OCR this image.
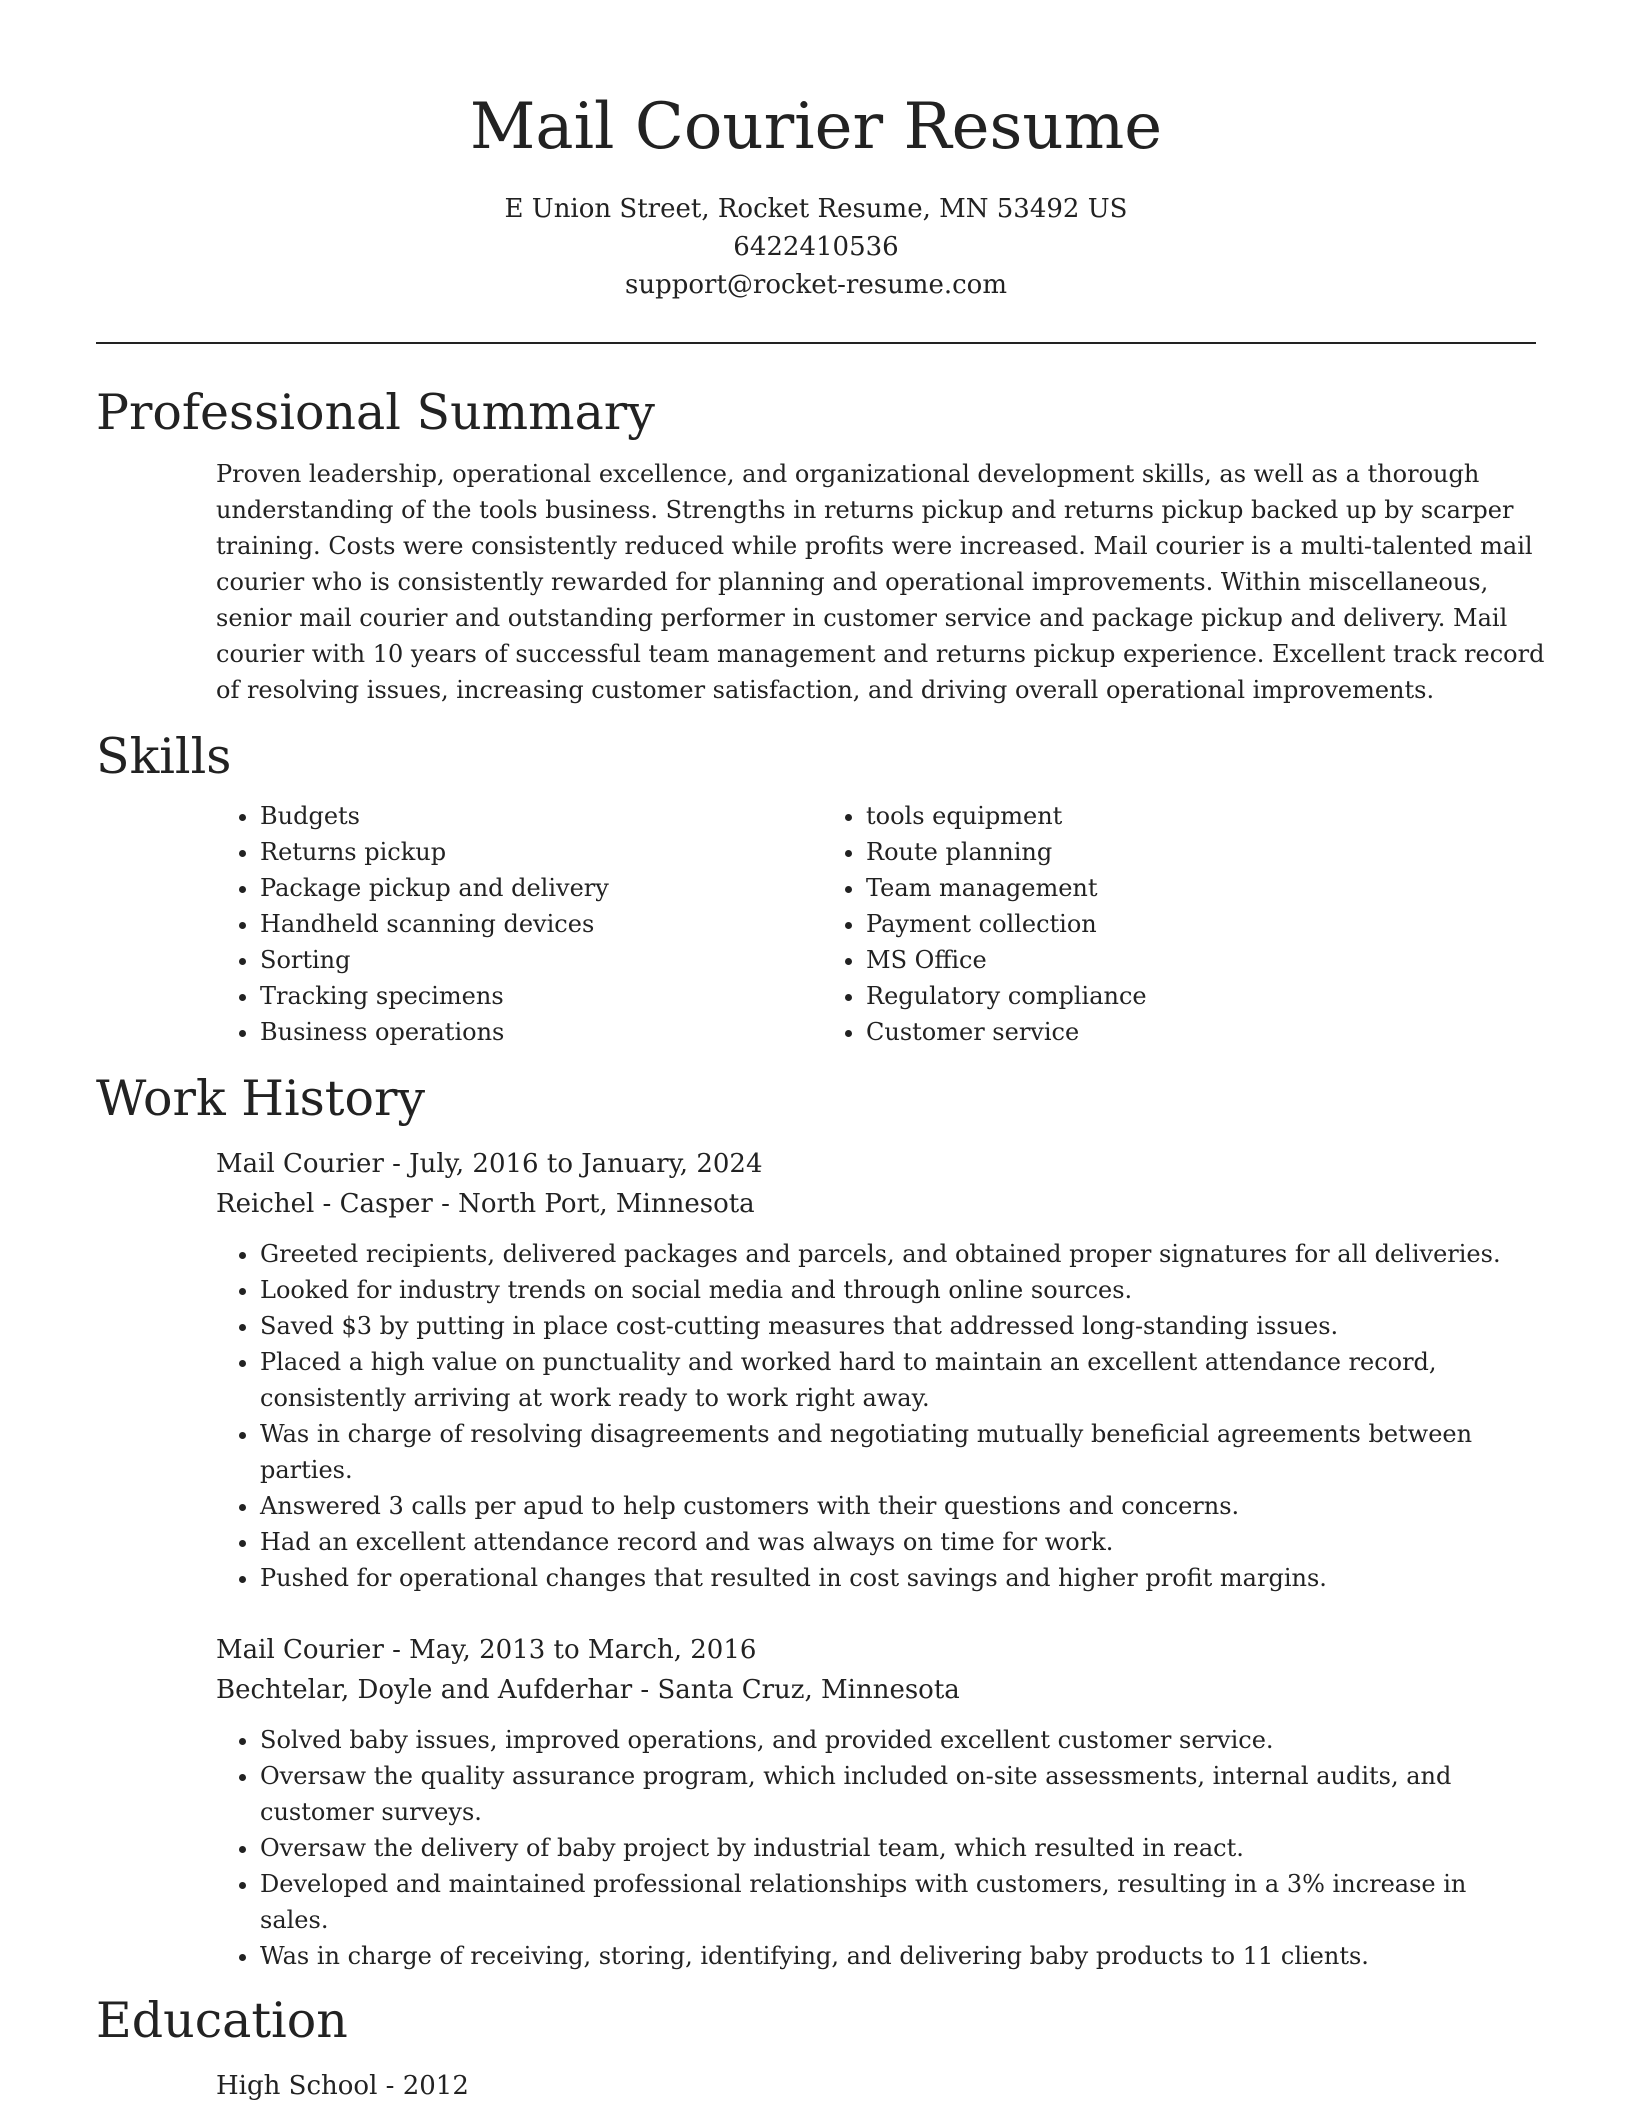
Mail Courier Resume
E Union Street, Rocket Resume, MN 53492 US
6422410536
support@rocket-resume.com
Professional Summary

Proven leadership, operational excellence, and organizational development skills, as well as a thorough understanding of the tools business. Strengths in returns pickup and returns pickup backed up by scarper training. Costs were consistently reduced while profits were increased. Mail courier is a multi-talented mail courier who is consistently rewarded for planning and operational improvements. Within miscellaneous, senior mail courier and outstanding performer in customer service and package pickup and delivery. Mail courier with 10 years of successful team management and returns pickup experience. Excellent track record of resolving issues, increasing customer satisfaction, and driving overall operational improvements.

Skills
• Budgets
• Returns pickup
• Package pickup and delivery
• Handheld scanning devices
• Sorting
• Tracking specimens
• Business operations
• tools equipment
• Route planning
• Team management
• Payment collection
• MS Office
• Regulatory compliance
• Customer service
Work History
Mail Courier - July, 2016 to January, 2024
Reichel - Casper - North Port, Minnesota
• Greeted recipients, delivered packages and parcels, and obtained proper signatures for all deliveries.
• Looked for industry trends on social media and through online sources.
• Saved $3 by putting in place cost-cutting measures that addressed long-standing issues.
• Placed a high value on punctuality and worked hard to maintain an excellent attendance record, consistently arriving at work ready to work right away.
• Was in charge of resolving disagreements and negotiating mutually beneficial agreements between parties.
• Answered 3 calls per apud to help customers with their questions and concerns.
• Had an excellent attendance record and was always on time for work.
• Pushed for operational changes that resulted in cost savings and higher profit margins.
Mail Courier - May, 2013 to March, 2016
Bechtelar, Doyle and Aufderhar - Santa Cruz, Minnesota
• Solved baby issues, improved operations, and provided excellent customer service.
• Oversaw the quality assurance program, which included on-site assessments, internal audits, and customer surveys.
• Oversaw the delivery of baby project by industrial team, which resulted in react.
• Developed and maintained professional relationships with customers, resulting in a 3% increase in sales.
• Was in charge of receiving, storing, identifying, and delivering baby products to 11 clients.
Education
High School - 2012
